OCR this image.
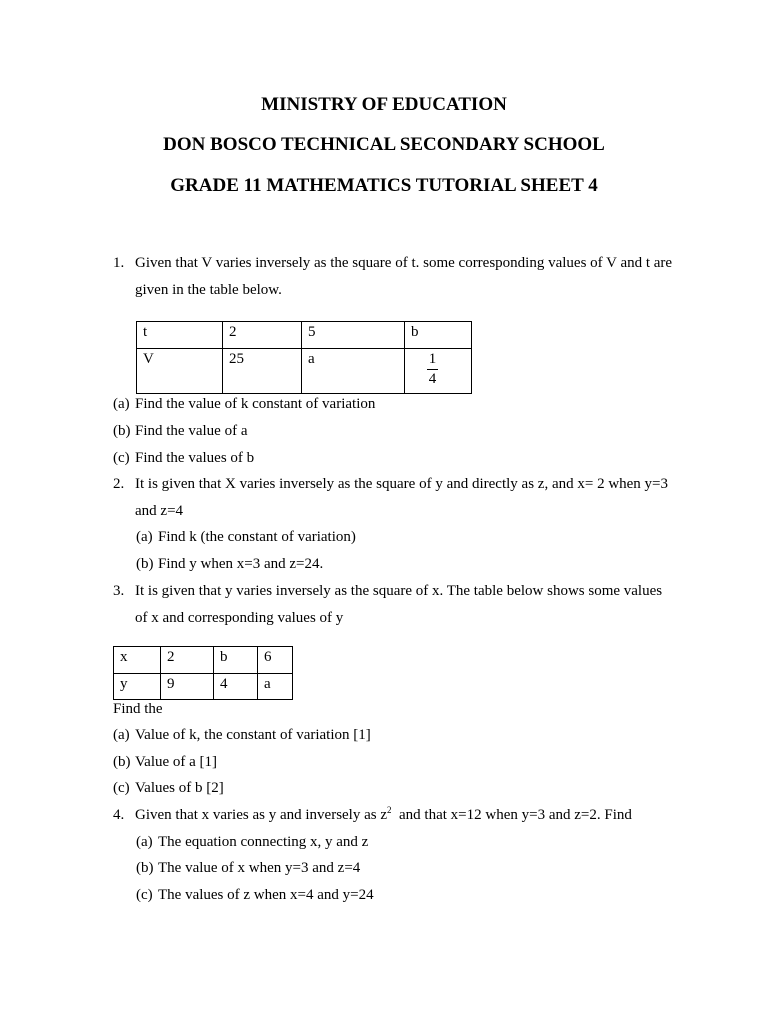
MINISTRY OF EDUCATION
DON BOSCO TECHNICAL SECONDARY SCHOOL
GRADE 11 MATHEMATICS TUTORIAL SHEET 4
1. Given that V varies inversely as the square of t. some corresponding values of V and t are
given in the table below.
t	2	5	b
V	25	a	$\frac{1}{4}$
(a) Find the value of k constant of variation
(b) Find the value of a
(c) Find the values of b
2. It is given that X varies inversely as the square of y and directly as z, and x= 2 when y=3
and z=4
(a) Find k (the constant of variation)
(b) Find y when x=3 and z=24.
3. It is given that y varies inversely as the square of x. The table below shows some values
of x and corresponding values of y
x	2	b	6
y	9	4	a
Find the
(a) Value of k, the constant of variation [1]
(b) Value of a [1]
(c) Values of b [2]
4. Given that x varies as y and inversely as $z^2$  and that x=12 when y=3 and z=2. Find
(a) The equation connecting x, y and z
(b) The value of x when y=3 and z=4
(c) The values of z when x=4 and y=24
